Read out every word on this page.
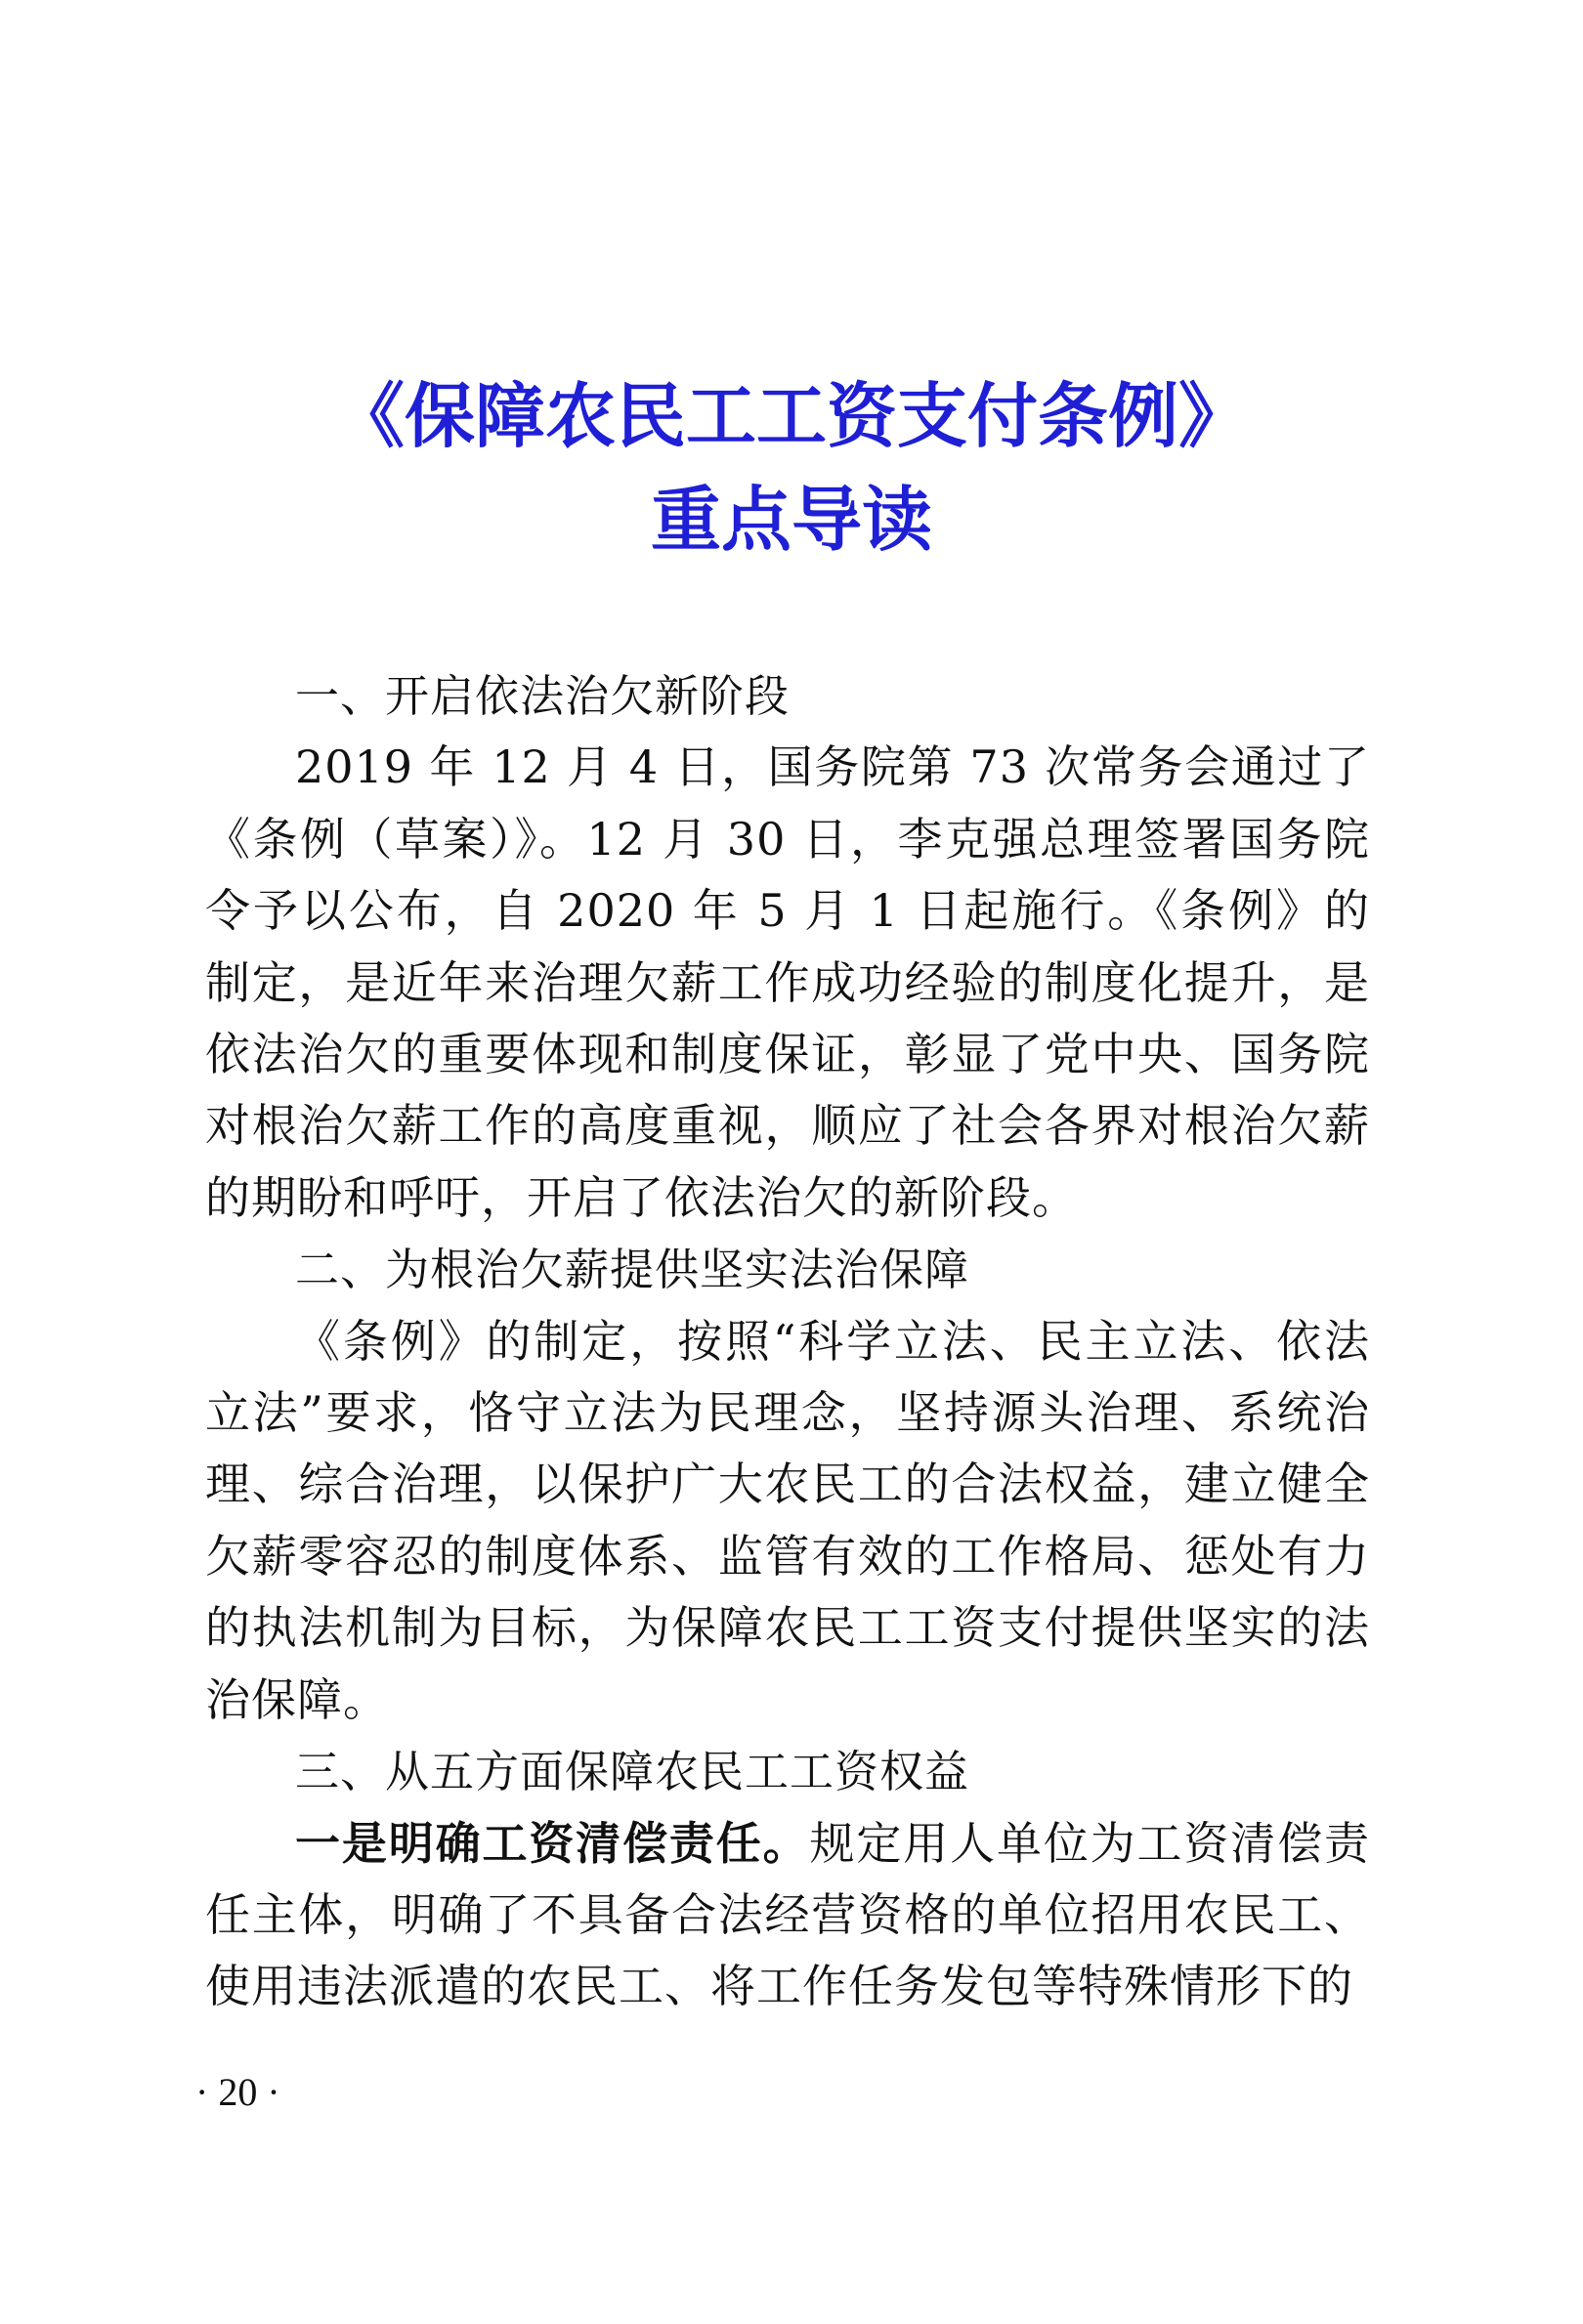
《保障农民工工资支付条例》
重点导读

一、开启依法治欠新阶段

2019 年 12 月 4 日，国务院第 73 次常务会通过了《条例（草案）》。12 月 30 日，李克强总理签署国务院令予以公布，自 2020 年 5 月 1 日起施行。《条例》的制定，是近年来治理欠薪工作成功经验的制度化提升，是依法治欠的重要体现和制度保证，彰显了党中央、国务院对根治欠薪工作的高度重视，顺应了社会各界对根治欠薪的期盼和呼吁，开启了依法治欠的新阶段。

二、为根治欠薪提供坚实法治保障

《条例》的制定，按照“科学立法、民主立法、依法立法”要求，恪守立法为民理念，坚持源头治理、系统治理、综合治理，以保护广大农民工的合法权益，建立健全欠薪零容忍的制度体系、监管有效的工作格局、惩处有力的执法机制为目标，为保障农民工工资支付提供坚实的法治保障。

三、从五方面保障农民工工资权益

一是明确工资清偿责任。规定用人单位为工资清偿责任主体，明确了不具备合法经营资格的单位招用农民工、使用违法派遣的农民工、将工作任务发包等特殊情形下的

· 20 ·
